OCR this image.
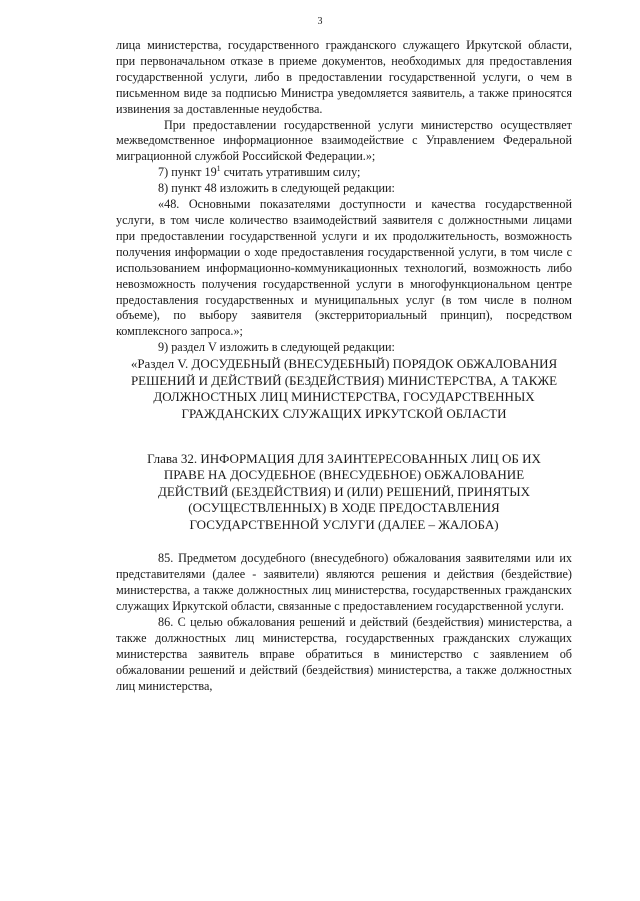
3

лица министерства, государственного гражданского служащего Иркутской области, при первоначальном отказе в приеме документов, необходимых для предоставления государственной услуги, либо в предоставлении государственной услуги, о чем в письменном виде за подписью Министра уведомляется заявитель, а также приносятся извинения за доставленные неудобства.

При предоставлении государственной услуги министерство осуществляет межведомственное информационное взаимодействие с Управлением Федеральной миграционной службой Российской Федерации.»;

7) пункт $19^1$ считать утратившим силу;

8) пункт 48 изложить в следующей редакции:

«48. Основными показателями доступности и качества государственной услуги, в том числе количество взаимодействий заявителя с должностными лицами при предоставлении государственной услуги и их продолжительность, возможность получения информации о ходе предоставления государственной услуги, в том числе с использованием информационно-коммуникационных технологий, возможность либо невозможность получения государственной услуги в многофункциональном центре предоставления государственных и муниципальных услуг (в том числе в полном объеме), по выбору заявителя (экстерриториальный принцип), посредством комплексного запроса.»;

9) раздел V изложить в следующей редакции:

«Раздел V. ДОСУДЕБНЫЙ (ВНЕСУДЕБНЫЙ) ПОРЯДОК ОБЖАЛОВАНИЯ РЕШЕНИЙ И ДЕЙСТВИЙ (БЕЗДЕЙСТВИЯ) МИНИСТЕРСТВА, А ТАКЖЕ ДОЛЖНОСТНЫХ ЛИЦ МИНИСТЕРСТВА, ГОСУДАРСТВЕННЫХ ГРАЖДАНСКИХ СЛУЖАЩИХ ИРКУТСКОЙ ОБЛАСТИ

Глава 32. ИНФОРМАЦИЯ ДЛЯ ЗАИНТЕРЕСОВАННЫХ ЛИЦ ОБ ИХ ПРАВЕ НА ДОСУДЕБНОЕ (ВНЕСУДЕБНОЕ) ОБЖАЛОВАНИЕ ДЕЙСТВИЙ (БЕЗДЕЙСТВИЯ) И (ИЛИ) РЕШЕНИЙ, ПРИНЯТЫХ (ОСУЩЕСТВЛЕННЫХ) В ХОДЕ ПРЕДОСТАВЛЕНИЯ ГОСУДАРСТВЕННОЙ УСЛУГИ (ДАЛЕЕ – ЖАЛОБА)

85. Предметом досудебного (внесудебного) обжалования заявителями или их представителями (далее - заявители) являются решения и действия (бездействие) министерства, а также должностных лиц министерства, государственных гражданских служащих Иркутской области, связанные с предоставлением государственной услуги.

86. С целью обжалования решений и действий (бездействия) министерства, а также должностных лиц министерства, государственных гражданских служащих министерства заявитель вправе обратиться в министерство с заявлением об обжаловании решений и действий (бездействия) министерства, а также должностных лиц министерства,
